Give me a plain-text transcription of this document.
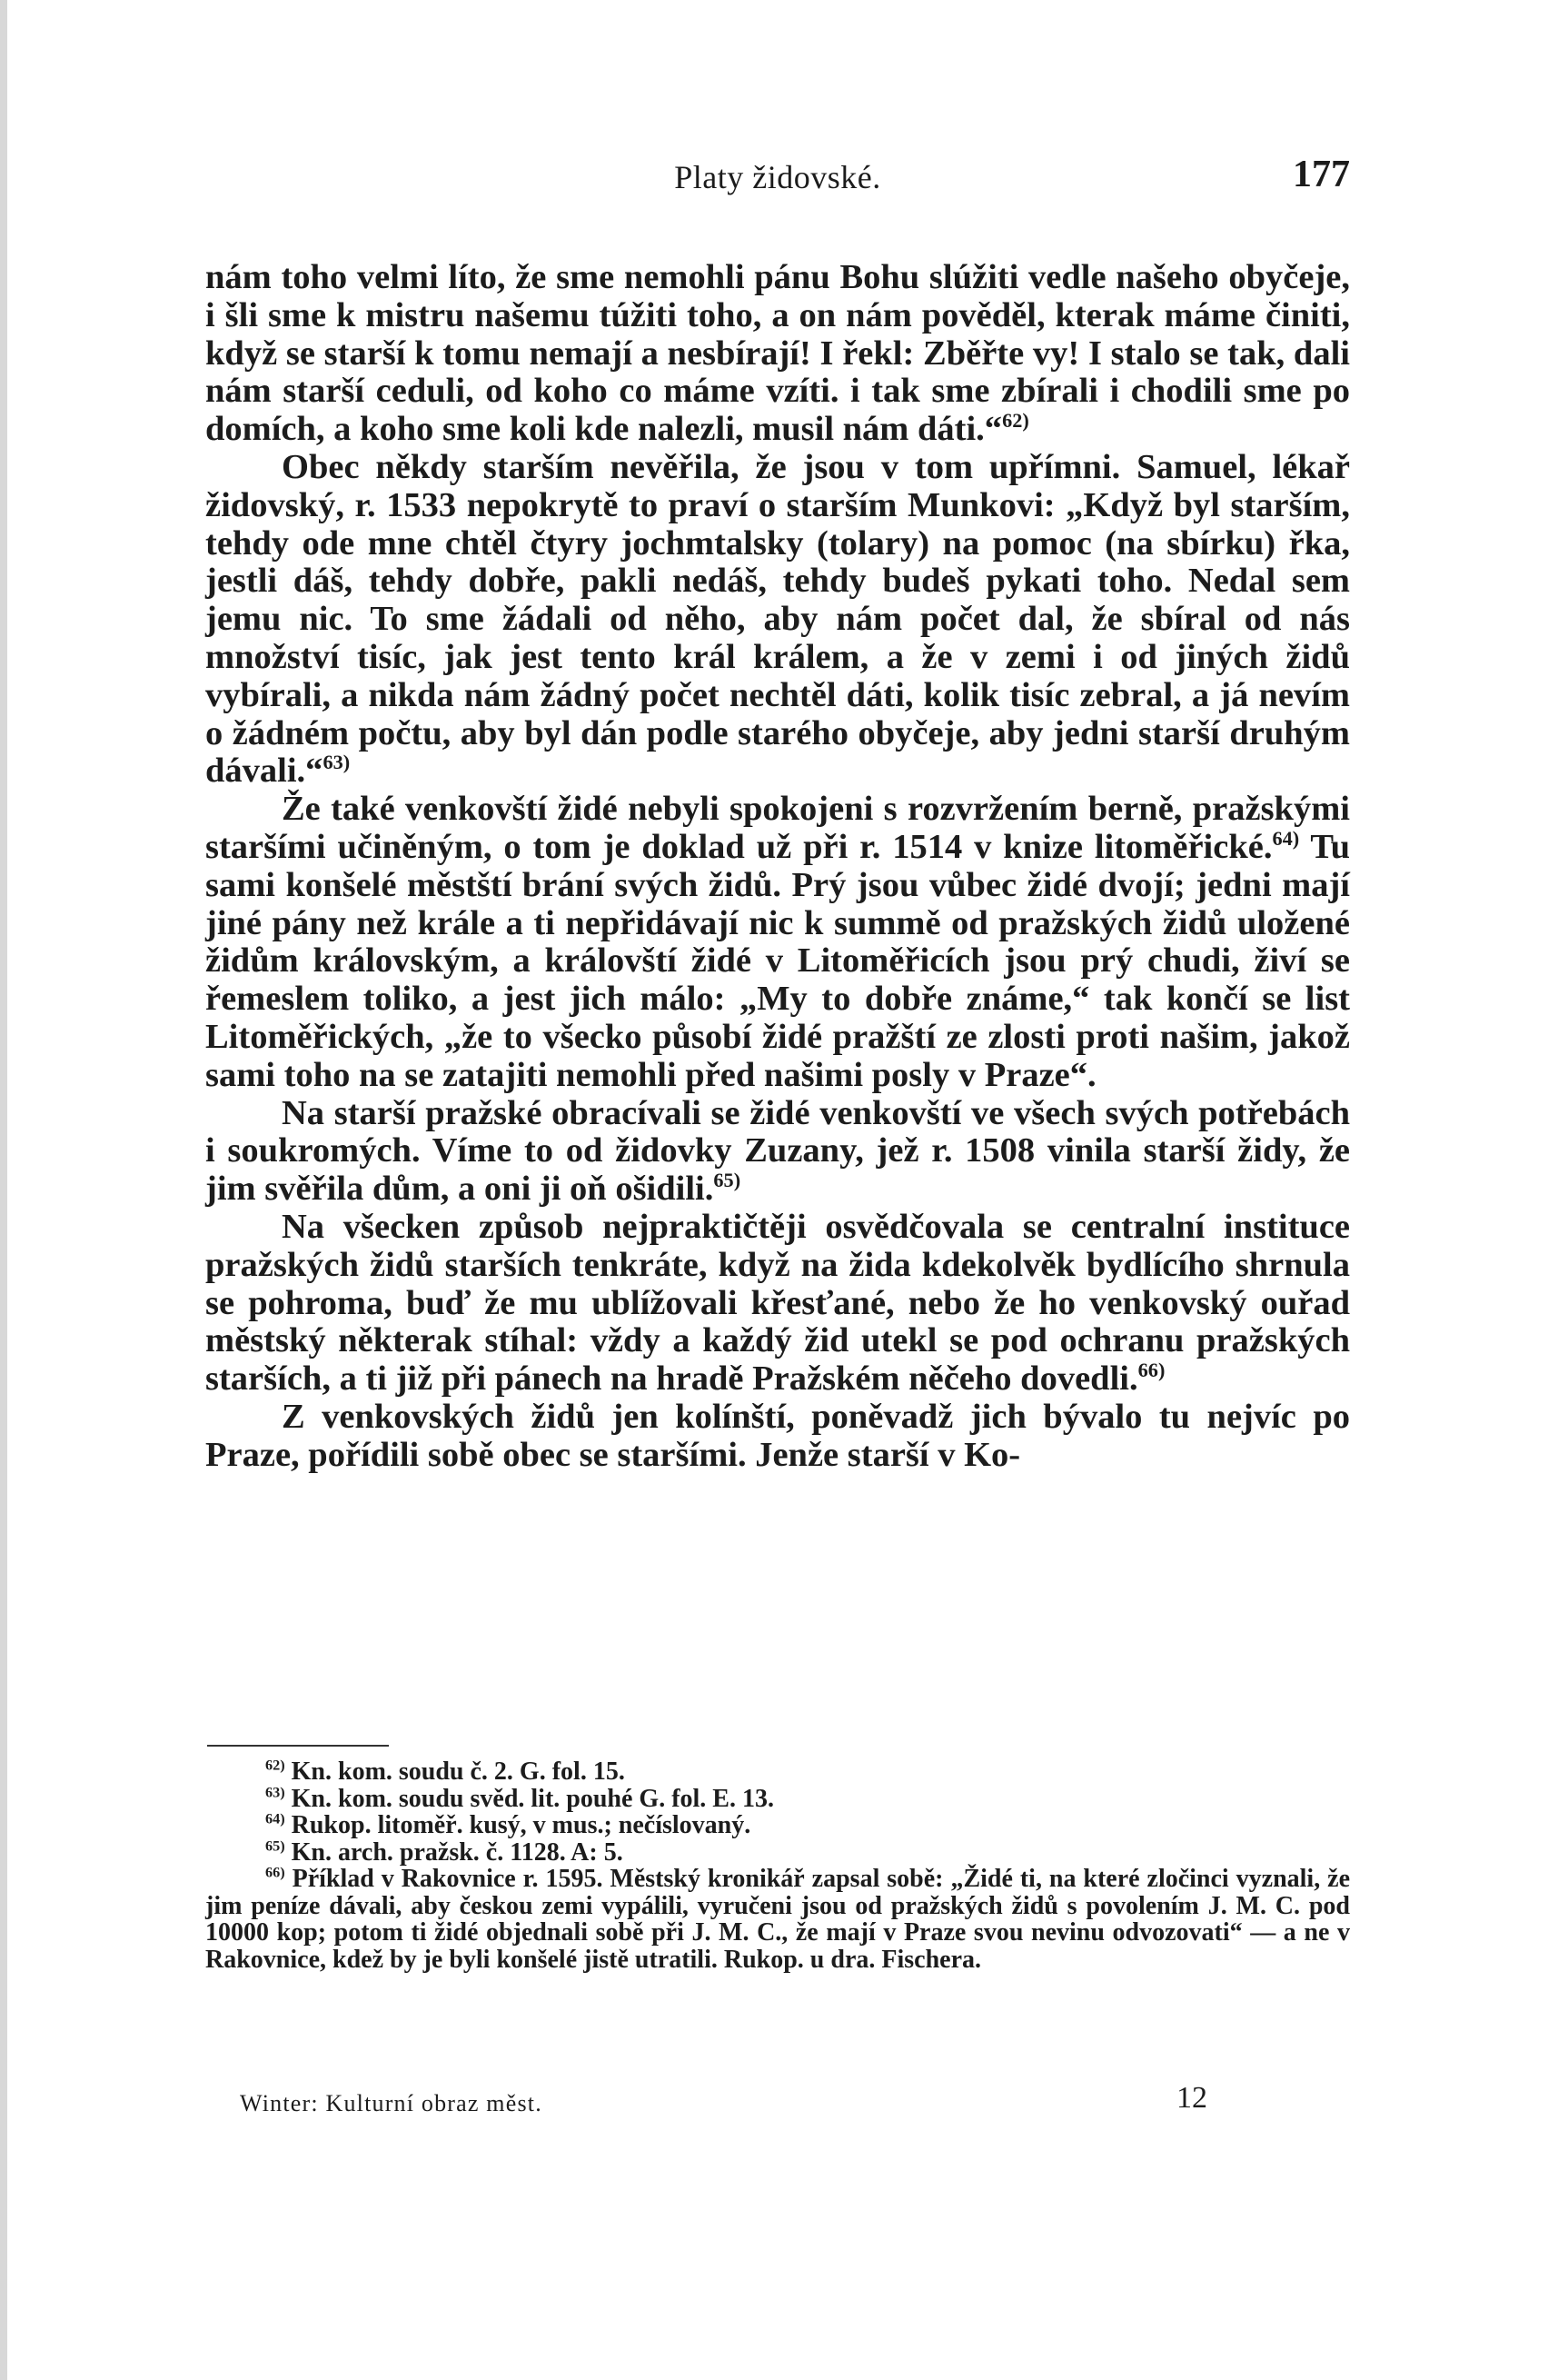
Platy židovské.	177

nám toho velmi líto, že sme nemohli pánu Bohu slúžiti vedle našeho obyčeje, i šli sme k mistru našemu túžiti toho, a on nám pověděl, kterak máme činiti, když se starší k tomu nemají a nesbírají! I řekl: Zběřte vy! I stalo se tak, dali nám starší ceduli, od koho co máme vzíti. i tak sme zbírali i chodili sme po domích, a koho sme koli kde nalezli, musil nám dáti.“$^{62)}$

Obec někdy starším nevěřila, že jsou v tom upřímni. Samuel, lékař židovský, r. 1533 nepokrytě to praví o starším Munkovi: „Když byl starším, tehdy ode mne chtěl čtyry jochmtalsky (tolary) na pomoc (na sbírku) řka, jestli dáš, tehdy dobře, pakli nedáš, tehdy budeš pykati toho. Nedal sem jemu nic. To sme žádali od něho, aby nám počet dal, že sbíral od nás množství tisíc, jak jest tento král králem, a že v zemi i od jiných židů vybírali, a nikda nám žádný počet nechtěl dáti, kolik tisíc zebral, a já nevím o žádném počtu, aby byl dán podle starého obyčeje, aby jedni starší druhým dávali.“$^{63)}$

Že také venkovští židé nebyli spokojeni s rozvržením berně, pražskými staršími učiněným, o tom je doklad už při r. 1514 v knize litoměřické.$^{64)}$ Tu sami konšelé městští brání svých židů. Prý jsou vůbec židé dvojí; jedni mají jiné pány než krále a ti nepřidávají nic k summě od pražských židů uložené židům královským, a královští židé v Litoměřicích jsou prý chudi, živí se řemeslem toliko, a jest jich málo: „My to dobře známe,“ tak končí se list Litoměřických, „že to všecko působí židé pražští ze zlosti proti našim, jakož sami toho na se zatajiti nemohli před našimi posly v Praze“.

Na starší pražské obracívali se židé venkovští ve všech svých potřebách i soukromých. Víme to od židovky Zuzany, jež r. 1508 vinila starší židy, že jim svěřila dům, a oni ji oň ošidili.$^{65)}$

Na všecken způsob nejpraktičtěji osvědčovala se centralní instituce pražských židů starších tenkráte, když na žida kdekolvěk bydlícího shrnula se pohroma, buď že mu ublížovali křesťané, nebo že ho venkovský ouřad městský některak stíhal: vždy a každý žid utekl se pod ochranu pražských starších, a ti již při pánech na hradě Pražském něčeho dovedli.$^{66)}$

Z venkovských židů jen kolínští, poněvadž jich bývalo tu nejvíc po Praze, pořídili sobě obec se staršími. Jenže starší v Ko-

$^{62)}$ Kn. kom. soudu č. 2. G. fol. 15.

$^{63)}$ Kn. kom. soudu svěd. lit. pouhé G. fol. E. 13.

$^{64)}$ Rukop. litoměř. kusý, v mus.; nečíslovaný.

$^{65)}$ Kn. arch. pražsk. č. 1128. A: 5.

$^{66)}$ Příklad v Rakovnice r. 1595. Městský kronikář zapsal sobě: „Židé ti, na které zločinci vyznali, že jim peníze dávali, aby českou zemi vypálili, vyručeni jsou od pražských židů s povolením J. M. C. pod 10000 kop; potom ti židé objednali sobě při J. M. C., že mají v Praze svou nevinu odvozovati“ — a ne v Rakovnice, kdež by je byli konšelé jistě utratili. Rukop. u dra. Fischera.

Winter: Kulturní obraz měst.	12
